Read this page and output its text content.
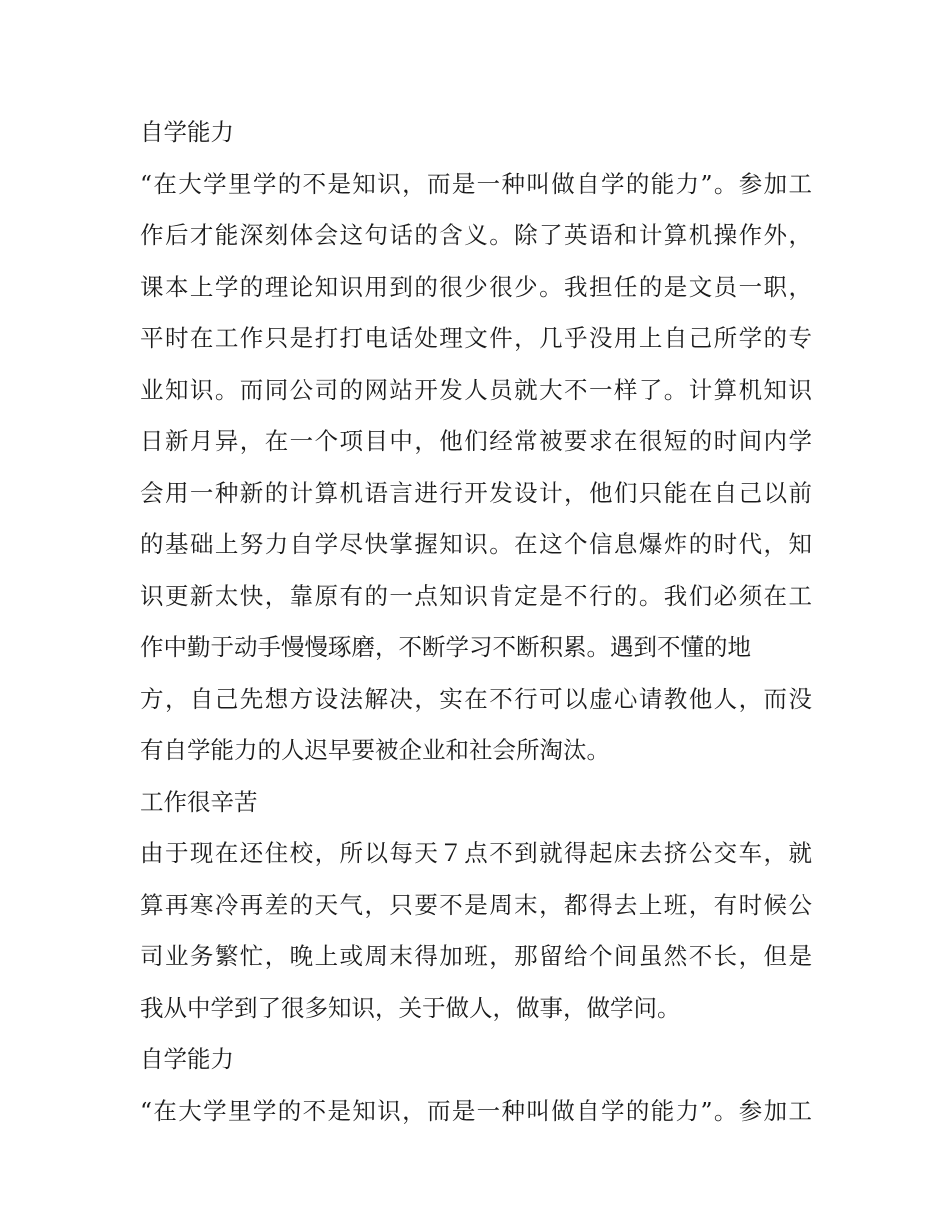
自学能力
“在大学里学的不是知识，而是一种叫做自学的能力”。参加工
作后才能深刻体会这句话的含义。除了英语和计算机操作外，
课本上学的理论知识用到的很少很少。我担任的是文员一职，
平时在工作只是打打电话处理文件，几乎没用上自己所学的专
业知识。而同公司的网站开发人员就大不一样了。计算机知识
日新月异，在一个项目中，他们经常被要求在很短的时间内学
会用一种新的计算机语言进行开发设计，他们只能在自己以前
的基础上努力自学尽快掌握知识。在这个信息爆炸的时代，知
识更新太快，靠原有的一点知识肯定是不行的。我们必须在工
作中勤于动手慢慢琢磨，不断学习不断积累。遇到不懂的地
方，自己先想方设法解决，实在不行可以虚心请教他人，而没
有自学能力的人迟早要被企业和社会所淘汰。
工作很辛苦
由于现在还住校，所以每天７点不到就得起床去挤公交车，就
算再寒冷再差的天气，只要不是周末，都得去上班，有时候公
司业务繁忙，晚上或周末得加班，那留给个间虽然不长，但是
我从中学到了很多知识，关于做人，做事，做学问。
自学能力
“在大学里学的不是知识，而是一种叫做自学的能力”。参加工
